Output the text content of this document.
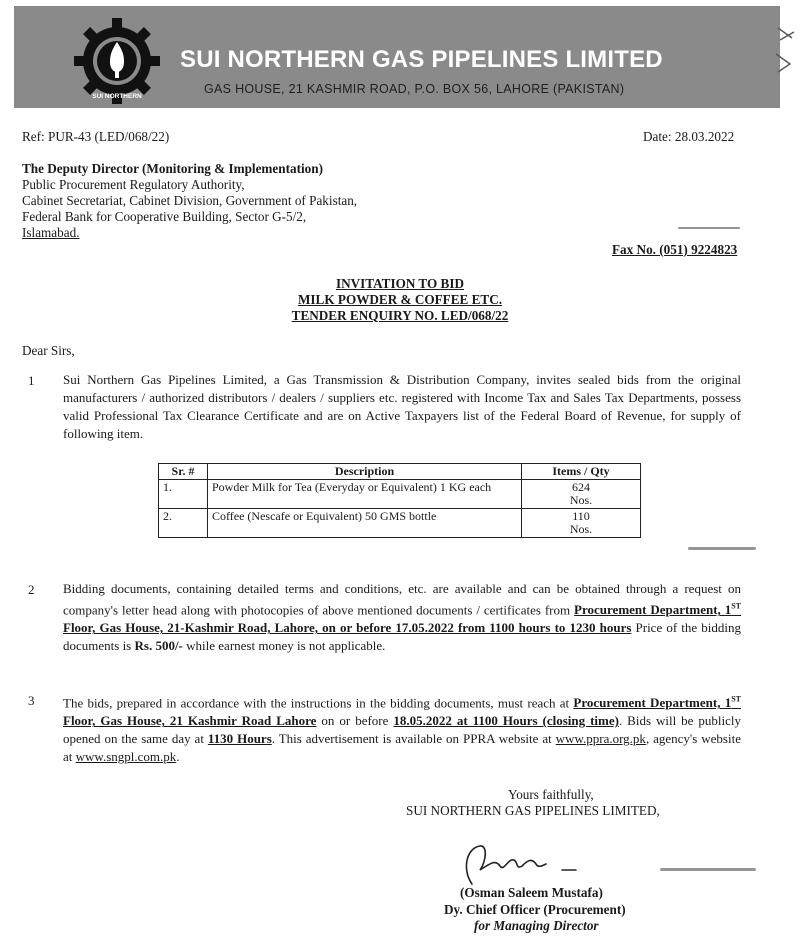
SUI NORTHERN
SUI NORTHERN GAS PIPELINES LIMITED
GAS HOUSE, 21 KASHMIR ROAD, P.O. BOX 56, LAHORE (PAKISTAN)
Ref: PUR-43 (LED/068/22)	Date: 28.03.2022
The Deputy Director (Monitoring & Implementation)
Public Procurement Regulatory Authority,
Cabinet Secretariat, Cabinet Division, Government of Pakistan,
Federal Bank for Cooperative Building, Sector G-5/2,
Islamabad.
Fax No. (051) 9224823
INVITATION TO BID
MILK POWDER & COFFEE ETC.
TENDER ENQUIRY NO. LED/068/22
Dear Sirs,
1 Sui Northern Gas Pipelines Limited, a Gas Transmission & Distribution Company, invites sealed bids from the original manufacturers / authorized distributors / dealers / suppliers etc. registered with Income Tax and Sales Tax Departments, possess valid Professional Tax Clearance Certificate and are on Active Taxpayers list of the Federal Board of Revenue, for supply of following item.

Sr. #	Description	Items / Qty
1.	Powder Milk for Tea (Everyday or Equivalent) 1 KG each	624
Nos.

2.	Coffee (Nescafe or Equivalent) 50 GMS bottle	110
Nos.
2 Bidding documents, containing detailed terms and conditions, etc. are available and can be obtained through a request on company's letter head along with photocopies of above mentioned documents / certificates from Procurement Department, 1ST Floor, Gas House, 21-Kashmir Road, Lahore, on or before 17.05.2022 from 1100 hours to 1230 hours Price of the bidding documents is Rs. 500/- while earnest money is not applicable.

3 The bids, prepared in accordance with the instructions in the bidding documents, must reach at Procurement Department, 1ST Floor, Gas House, 21 Kashmir Road Lahore on or before 18.05.2022 at 1100 Hours (closing time). Bids will be publicly opened on the same day at 1130 Hours. This advertisement is available on PPRA website at www.ppra.org.pk, agency's website at www.sngpl.com.pk.

Yours faithfully,
SUI NORTHERN GAS PIPELINES LIMITED,
(Osman Saleem Mustafa)
Dy. Chief Officer (Procurement)
for Managing Director
